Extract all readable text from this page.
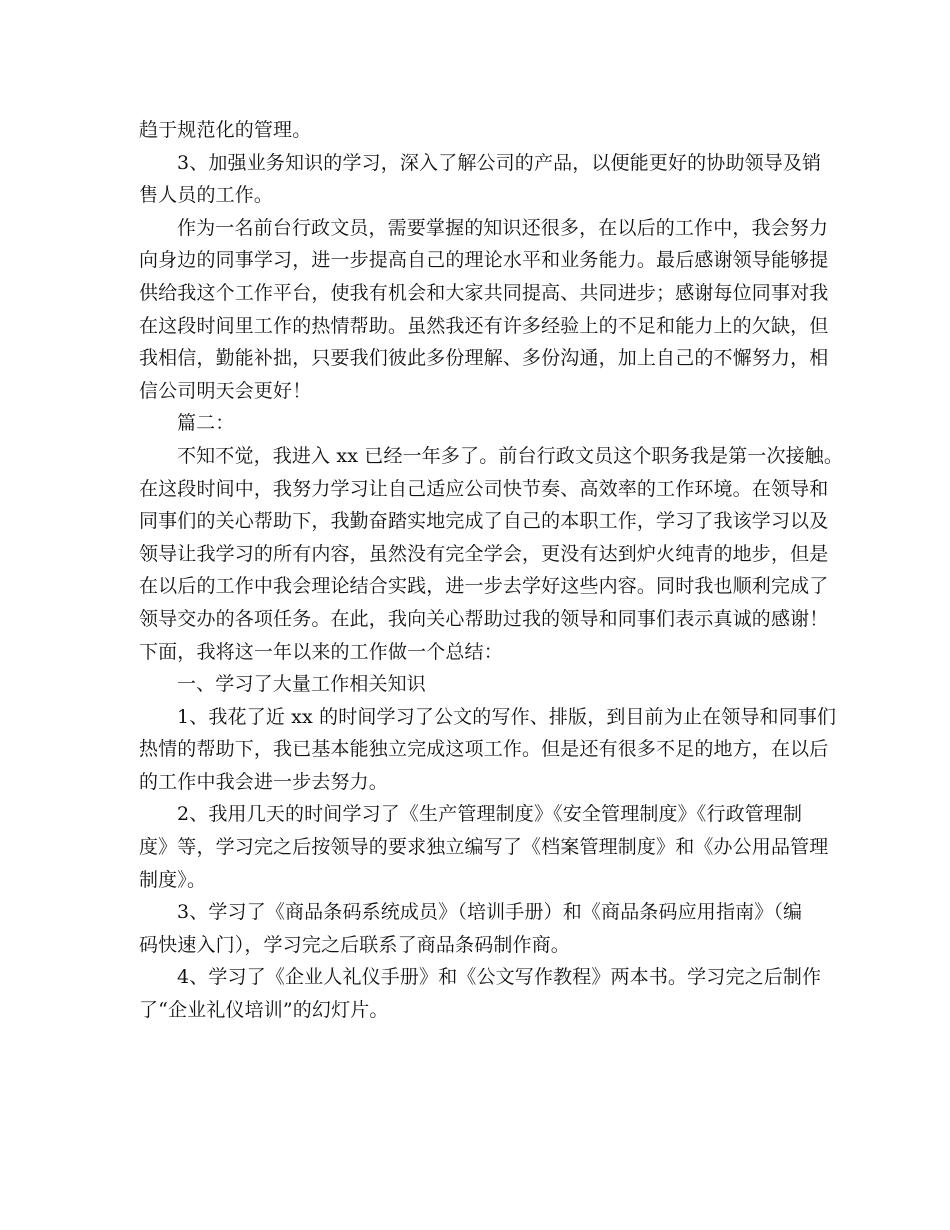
趋于规范化的管理。
3、加强业务知识的学习，深入了解公司的产品，以便能更好的协助领导及销
售人员的工作。
作为一名前台行政文员，需要掌握的知识还很多，在以后的工作中，我会努力
向身边的同事学习，进一步提高自己的理论水平和业务能力。最后感谢领导能够提
供给我这个工作平台，使我有机会和大家共同提高、共同进步；感谢每位同事对我
在这段时间里工作的热情帮助。虽然我还有许多经验上的不足和能力上的欠缺，但
我相信，勤能补拙，只要我们彼此多份理解、多份沟通，加上自己的不懈努力，相
信公司明天会更好！
篇二：
不知不觉，我进入 xx 已经一年多了。前台行政文员这个职务我是第一次接触。
在这段时间中，我努力学习让自己适应公司快节奏、高效率的工作环境。在领导和
同事们的关心帮助下，我勤奋踏实地完成了自己的本职工作，学习了我该学习以及
领导让我学习的所有内容，虽然没有完全学会，更没有达到炉火纯青的地步，但是
在以后的工作中我会理论结合实践，进一步去学好这些内容。同时我也顺利完成了
领导交办的各项任务。在此，我向关心帮助过我的领导和同事们表示真诚的感谢！
下面，我将这一年以来的工作做一个总结：
一、学习了大量工作相关知识
1、我花了近 xx 的时间学习了公文的写作、排版，到目前为止在领导和同事们
热情的帮助下，我已基本能独立完成这项工作。但是还有很多不足的地方，在以后
的工作中我会进一步去努力。
2、我用几天的时间学习了《生产管理制度》《安全管理制度》《行政管理制
度》等，学习完之后按领导的要求独立编写了《档案管理制度》和《办公用品管理
制度》。
3、学习了《商品条码系统成员》（培训手册）和《商品条码应用指南》（编
码快速入门），学习完之后联系了商品条码制作商。
4、学习了《企业人礼仪手册》和《公文写作教程》两本书。学习完之后制作
了“企业礼仪培训”的幻灯片。
